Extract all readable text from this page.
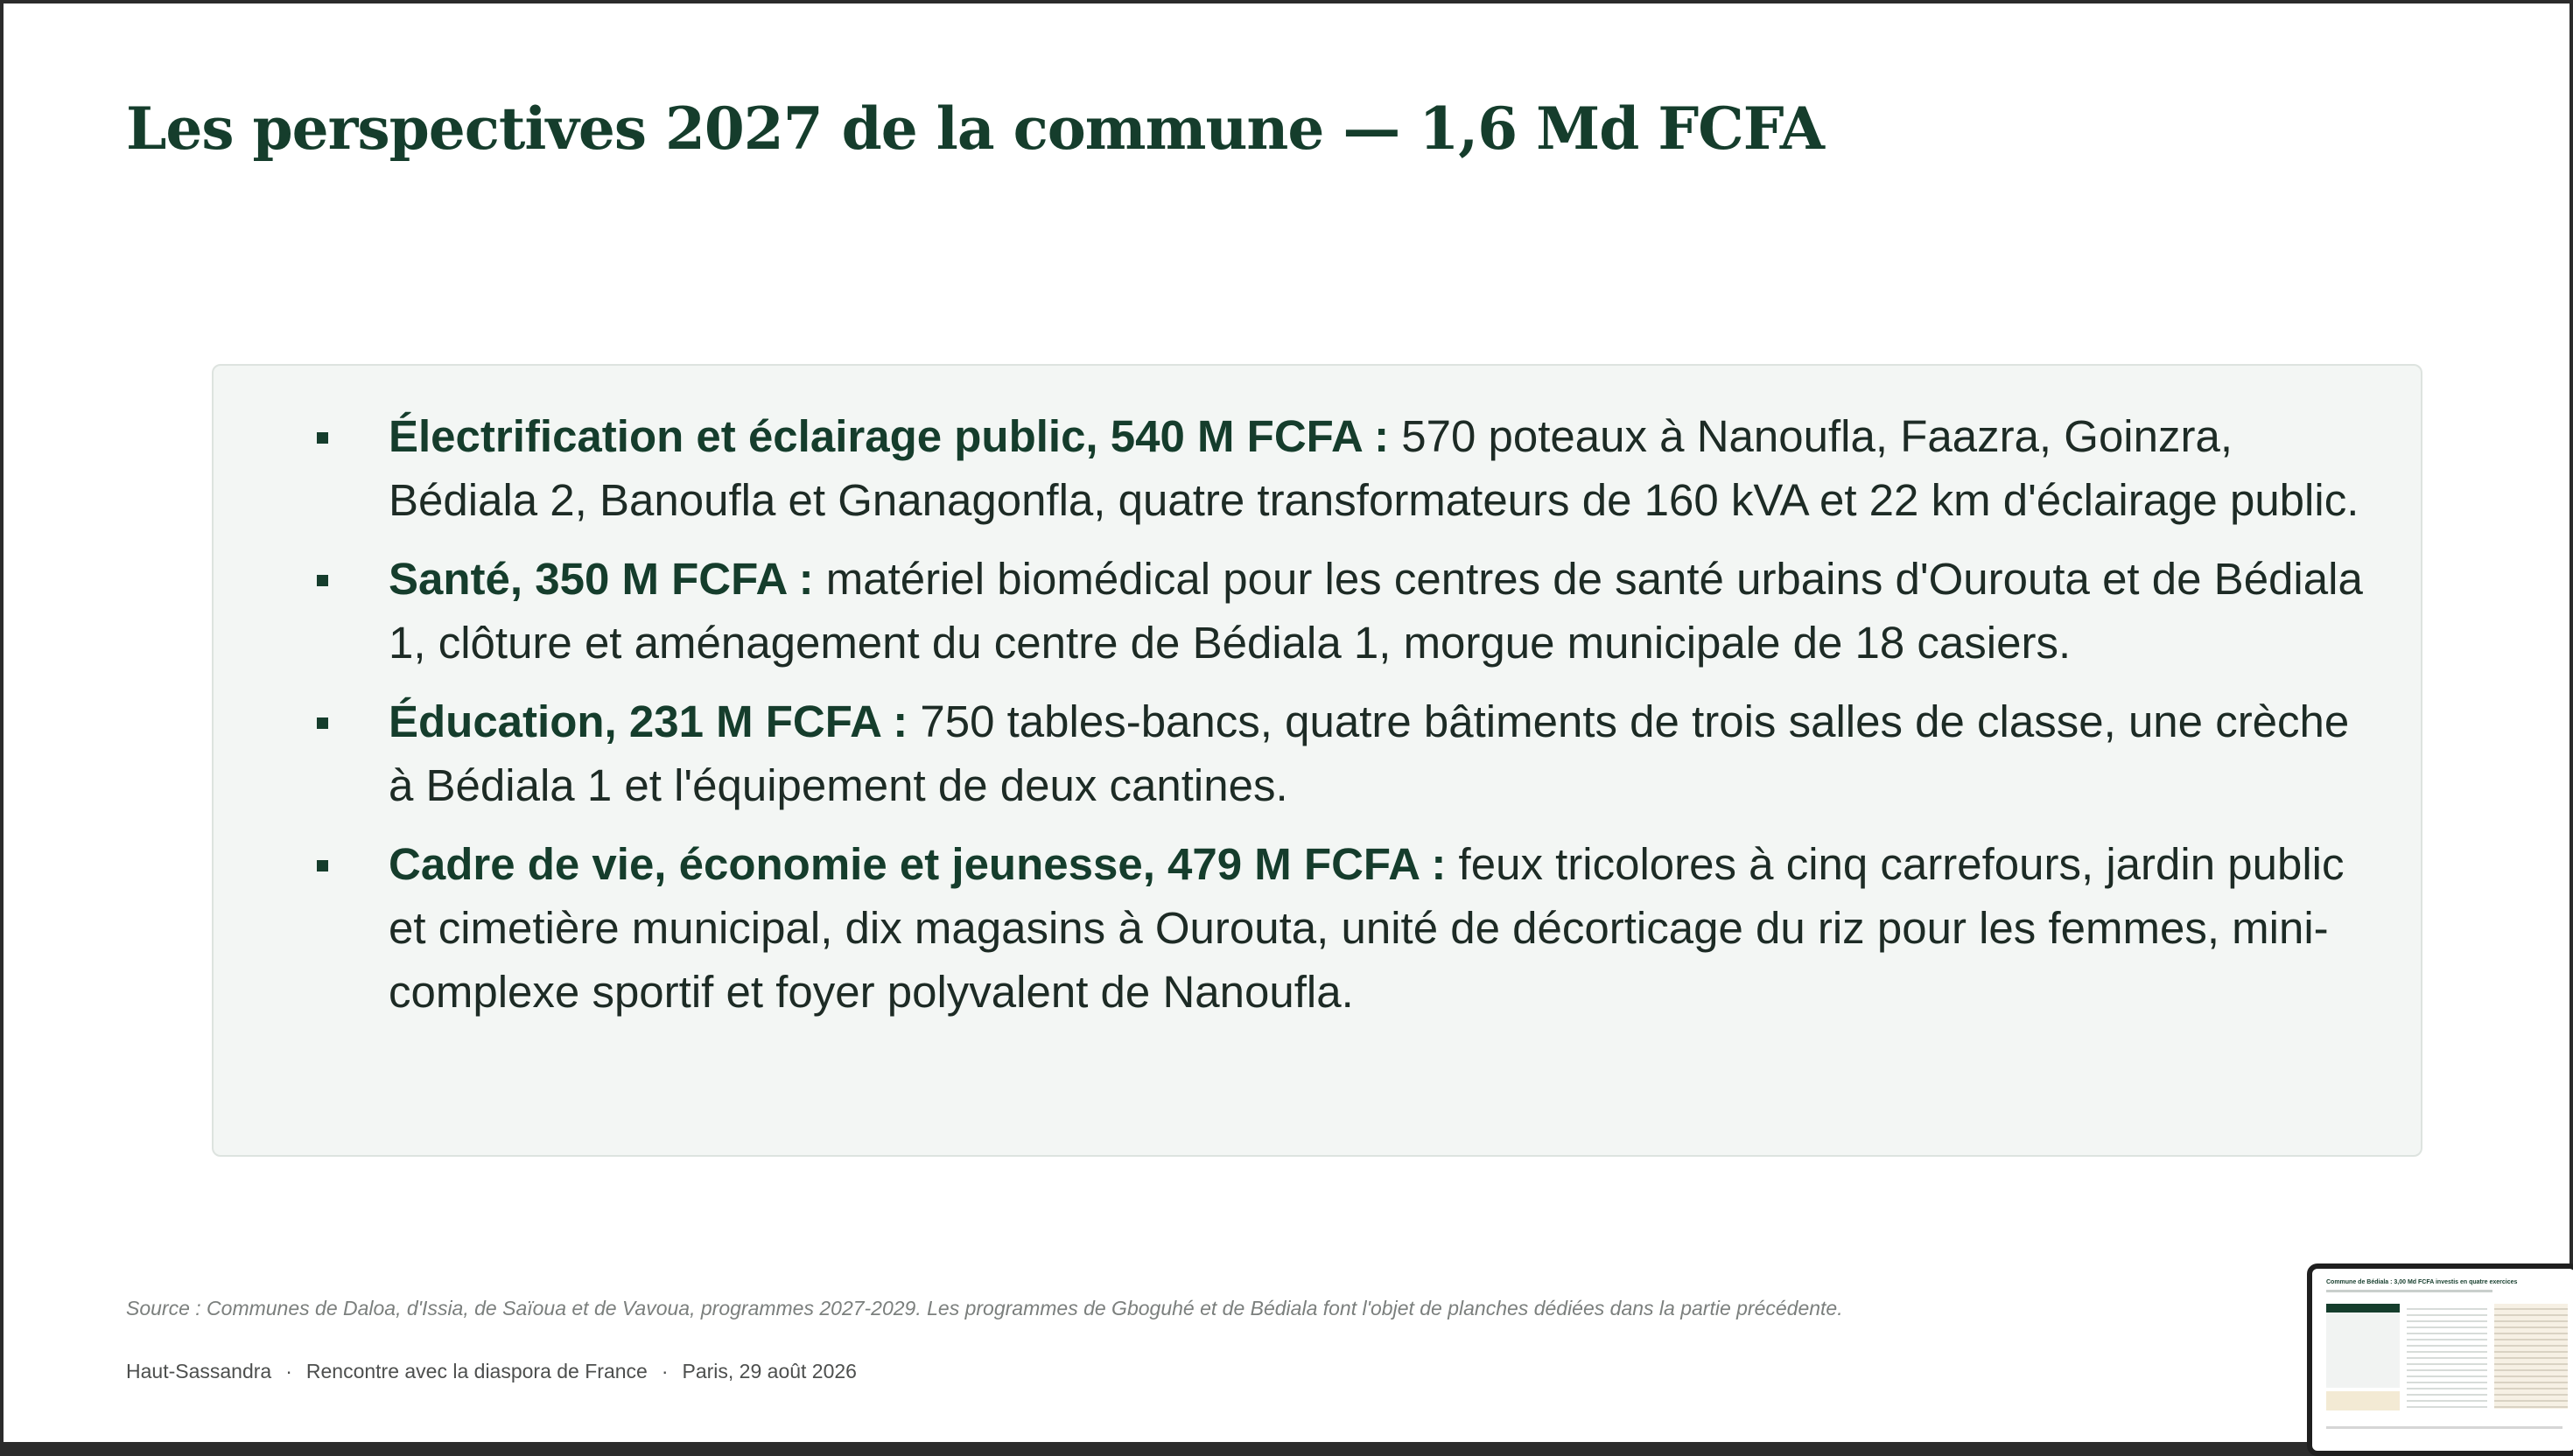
Les perspectives 2027 de la commune — 1,6 Md FCFA
Électrification et éclairage public, 540 M FCFA : 570 poteaux à Nanoufla, Faazra, Goinzra, Bédiala 2, Banoufla et Gnanagonfla, quatre transformateurs de 160 kVA et 22 km d'éclairage public.
Santé, 350 M FCFA : matériel biomédical pour les centres de santé urbains d'Ourouta et de Bédiala 1, clôture et aménagement du centre de Bédiala 1, morgue municipale de 18 casiers.
Éducation, 231 M FCFA : 750 tables-bancs, quatre bâtiments de trois salles de classe, une crèche à Bédiala 1 et l'équipement de deux cantines.
Cadre de vie, économie et jeunesse, 479 M FCFA : feux tricolores à cinq carrefours, jardin public et cimetière municipal, dix magasins à Ourouta, unité de décorticage du riz pour les femmes, mini-complexe sportif et foyer polyvalent de Nanoufla.
Source : Communes de Daloa, d'Issia, de Saïoua et de Vavoua, programmes 2027-2029. Les programmes de Gboguhé et de Bédiala font l'objet de planches dédiées dans la partie précédente.
Haut-Sassandra · Rencontre avec la diaspora de France · Paris, 29 août 2026
Commune de Bédiala : 3,00 Md FCFA investis en quatre exercices
